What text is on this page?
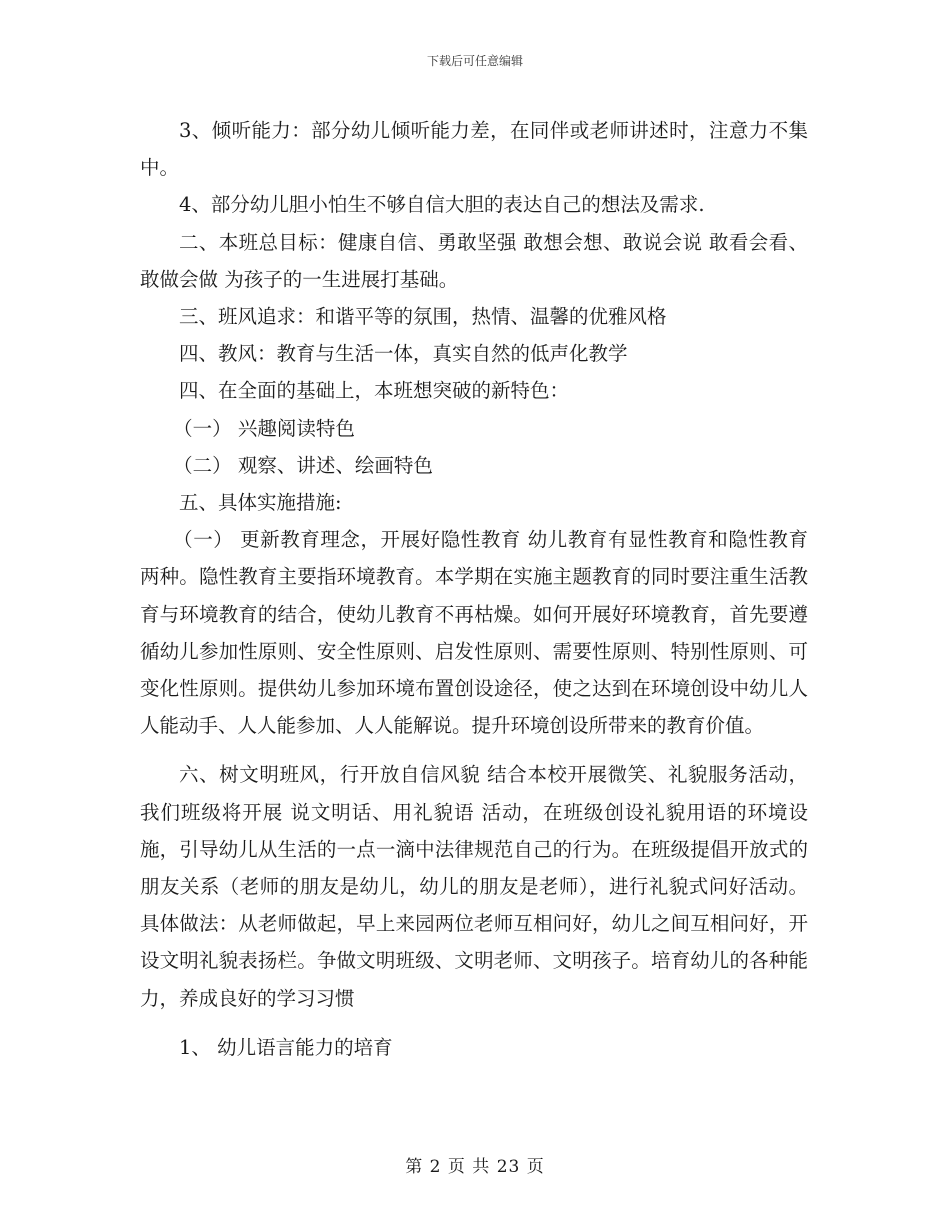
下载后可任意编辑

3、倾听能力：部分幼儿倾听能力差，在同伴或老师讲述时，注意力不集中。

4、部分幼儿胆小怕生不够自信大胆的表达自己的想法及需求.

二、本班总目标：健康自信、勇敢坚强 敢想会想、敢说会说 敢看会看、敢做会做 为孩子的一生进展打基础。

三、班风追求：和谐平等的氛围，热情、温馨的优雅风格

四、教风：教育与生活一体，真实自然的低声化教学

四、在全面的基础上，本班想突破的新特色：

（一） 兴趣阅读特色

（二） 观察、讲述、绘画特色

五、具体实施措施:

（一） 更新教育理念，开展好隐性教育 幼儿教育有显性教育和隐性教育两种。隐性教育主要指环境教育。本学期在实施主题教育的同时要注重生活教育与环境教育的结合，使幼儿教育不再枯燥。如何开展好环境教育，首先要遵循幼儿参加性原则、安全性原则、启发性原则、需要性原则、特别性原则、可变化性原则。提供幼儿参加环境布置创设途径，使之达到在环境创设中幼儿人人能动手、人人能参加、人人能解说。提升环境创设所带来的教育价值。

六、树文明班风，行开放自信风貌 结合本校开展微笑、礼貌服务活动，我们班级将开展 说文明话、用礼貌语 活动，在班级创设礼貌用语的环境设施，引导幼儿从生活的一点一滴中法律规范自己的行为。在班级提倡开放式的朋友关系（老师的朋友是幼儿，幼儿的朋友是老师），进行礼貌式问好活动。具体做法：从老师做起，早上来园两位老师互相问好，幼儿之间互相问好，开设文明礼貌表扬栏。争做文明班级、文明老师、文明孩子。培育幼儿的各种能力，养成良好的学习习惯

1、 幼儿语言能力的培育

第 2 页 共 23 页
